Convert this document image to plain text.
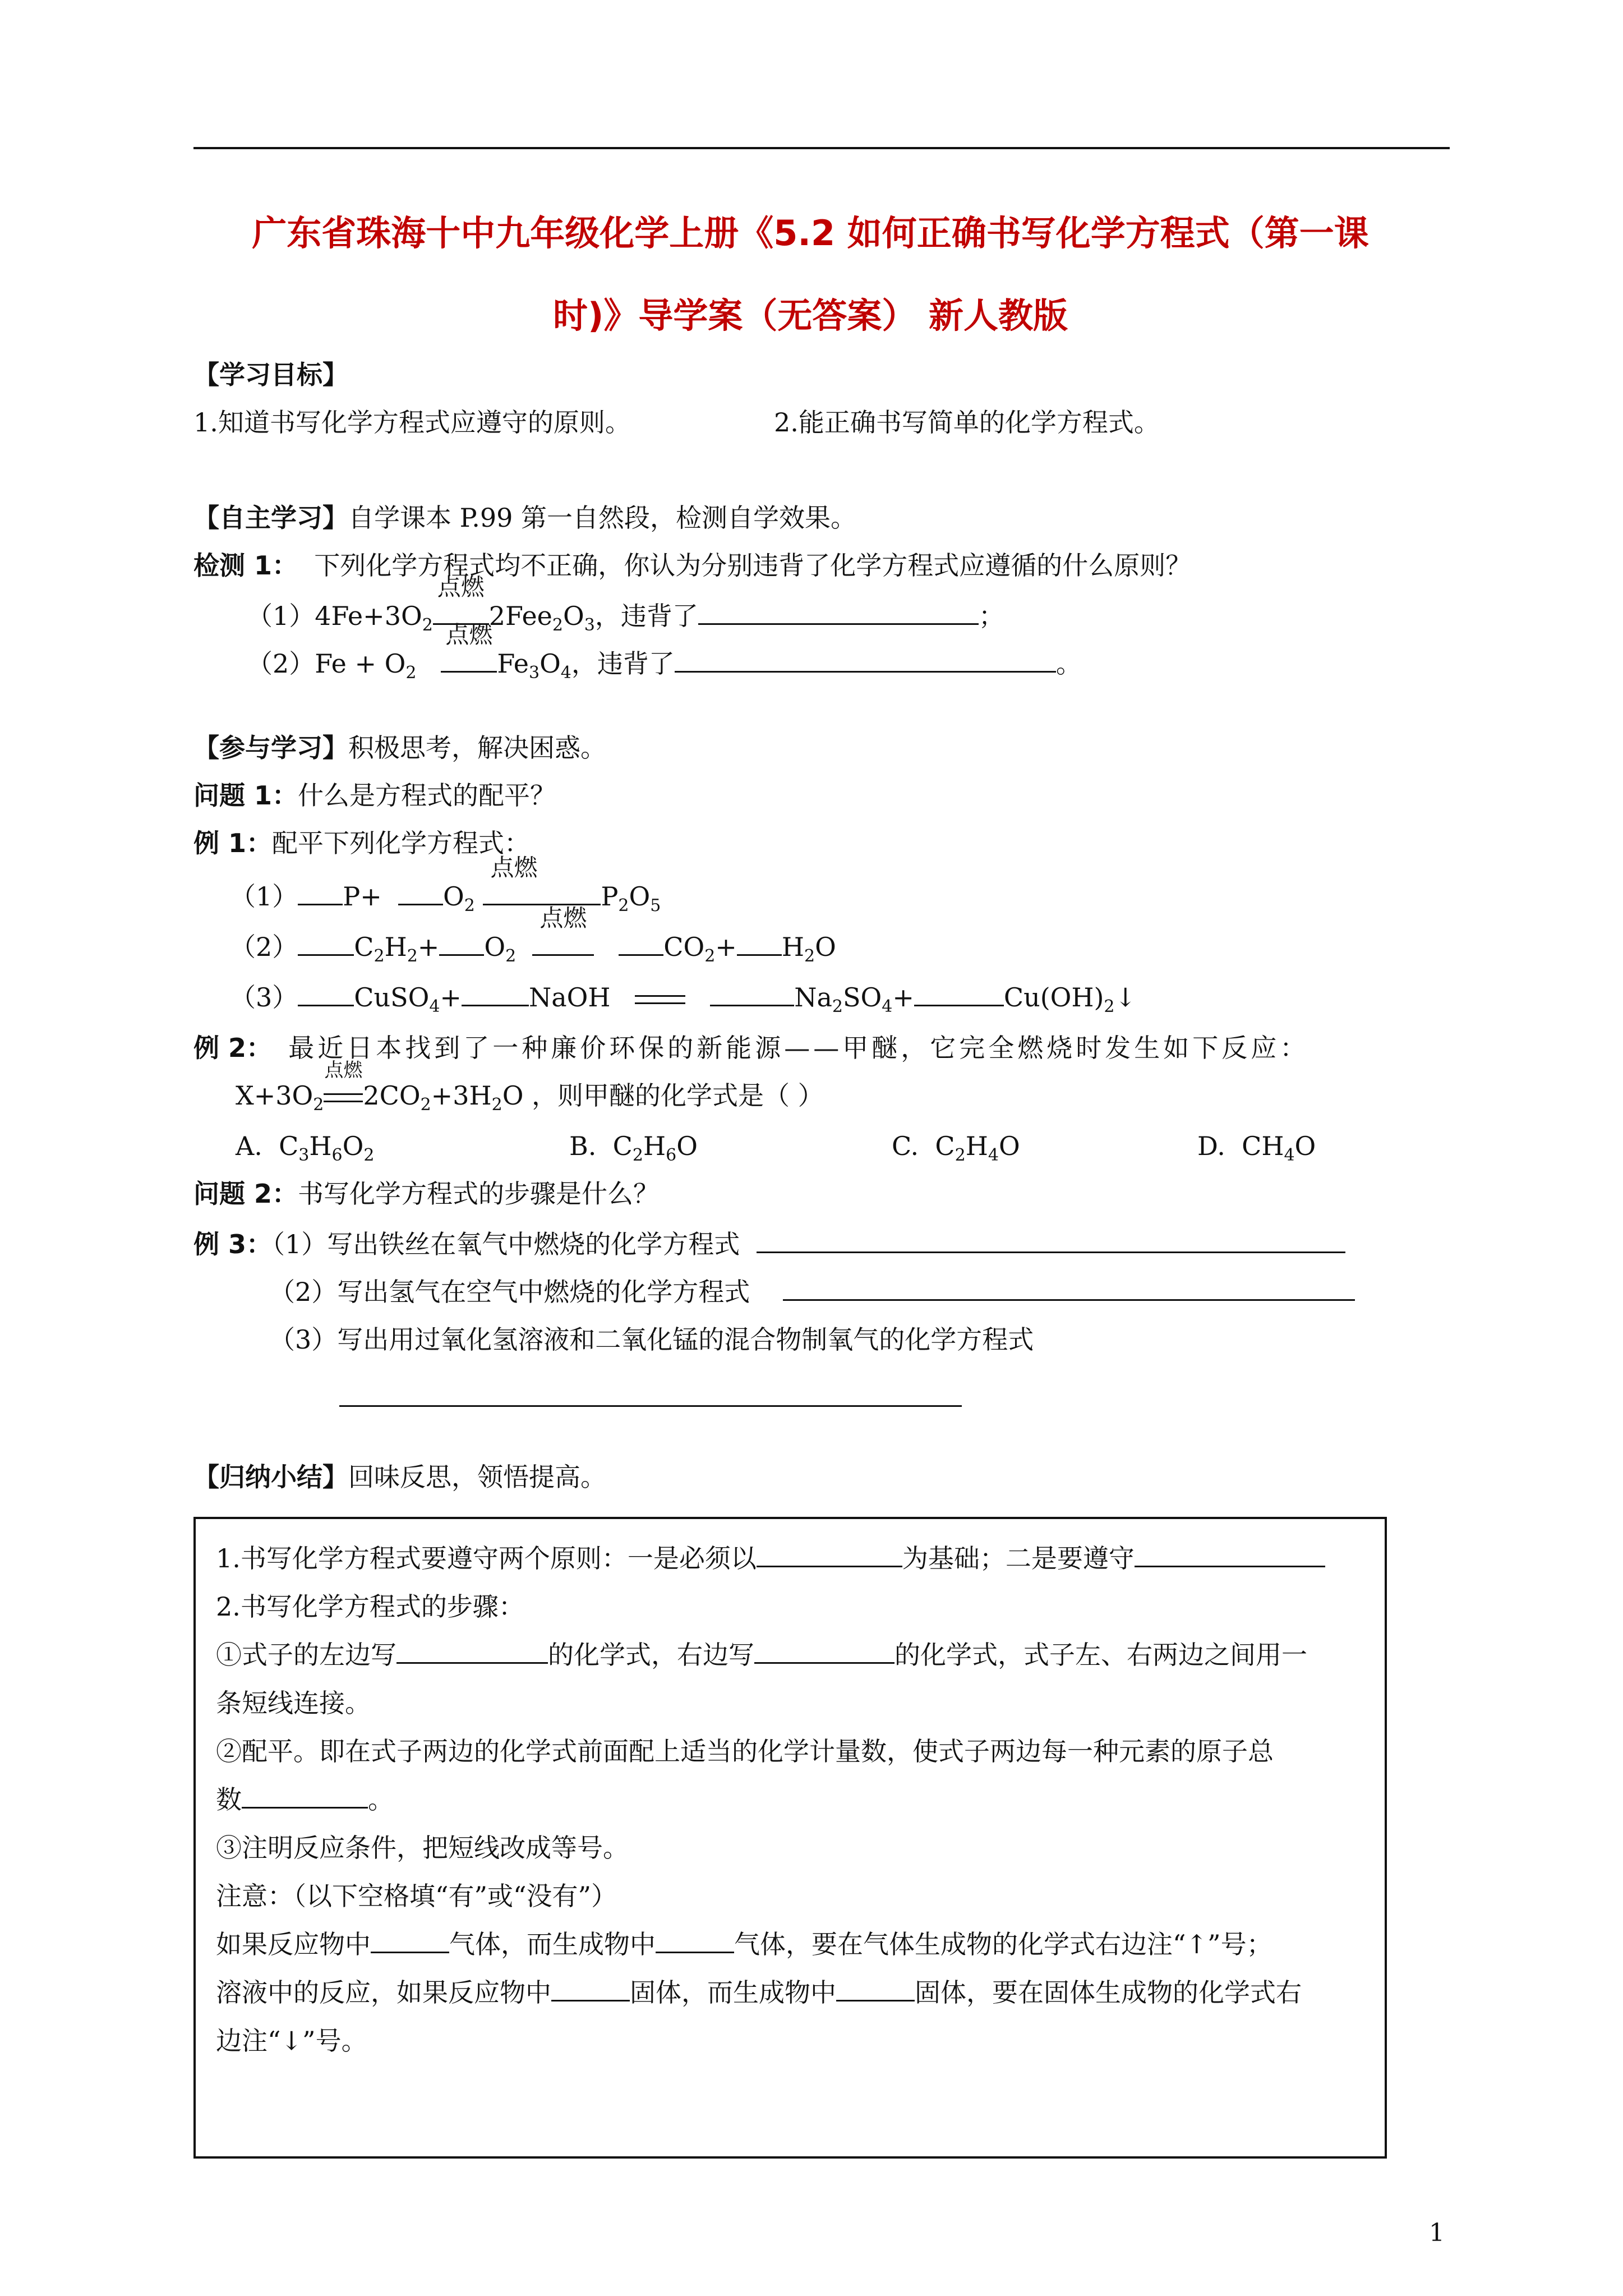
广东省珠海十中九年级化学上册《5.2 如何正确书写化学方程式（第一课
时)》导学案（无答案） 新人教版
【学习目标】
1.知道书写化学方程式应遵守的原则。	2.能正确书写简单的化学方程式。
【自主学习】自学课本 P.99 第一自然段，检测自学效果。
检测 1： 下列化学方程式均不正确，你认为分别违背了化学方程式应遵循的什么原则？
$(1)4Fe+3O_2$
点燃
$2Fee_2O_3$，违背了	；
$(2)Fe + O_2$
点燃
$Fe_3O_4$，违背了	。
【参与学习】积极思考，解决困惑。
问题 1：什么是方程式的配平？
例 1：配平下列化学方程式：
（1） $P+ O_2$
点燃
$P_2O_5$
（2） $C_2H_2+ O_2$
点燃
$CO_2+ H_2O$
（3） CuSO$_4$+	NaOH	$Na_2SO_4+$	$Cu(OH)_2↓$
例 2： 最近日本找到了一种廉价环保的新能源——甲醚，它完全燃烧时发生如下反应：
$X+3O_2$
点燃
$2CO_2+3H_2O$ ，则甲醚的化学式是（ ）
A.  $C_3H_6O_2$	B.  $C_2H_6O$	C.  $C_2H_4O$	D.  $CH_4O$
问题 2：书写化学方程式的步骤是什么？
例 3：（1）写出铁丝在氧气中燃烧的化学方程式
（2）写出氢气在空气中燃烧的化学方程式
（3）写出用过氧化氢溶液和二氧化锰的混合物制氧气的化学方程式
【归纳小结】回味反思，领悟提高。
1.书写化学方程式要遵守两个原则：一是必须以	为基础；二是要遵守
2.书写化学方程式的步骤：
①式子的左边写	的化学式，右边写	的化学式，式子左、右两边之间用一
条短线连接。
②配平。即在式子两边的化学式前面配上适当的化学计量数，使式子两边每一种元素的原子总
数	。
③注明反应条件，把短线改成等号。
注意：（以下空格填“有”或“没有”）
如果反应物中	气体，而生成物中	气体，要在气体生成物的化学式右边注“↑”号；
溶液中的反应，如果反应物中	固体，而生成物中	固体，要在固体生成物的化学式右
边注“↓”号。
1
